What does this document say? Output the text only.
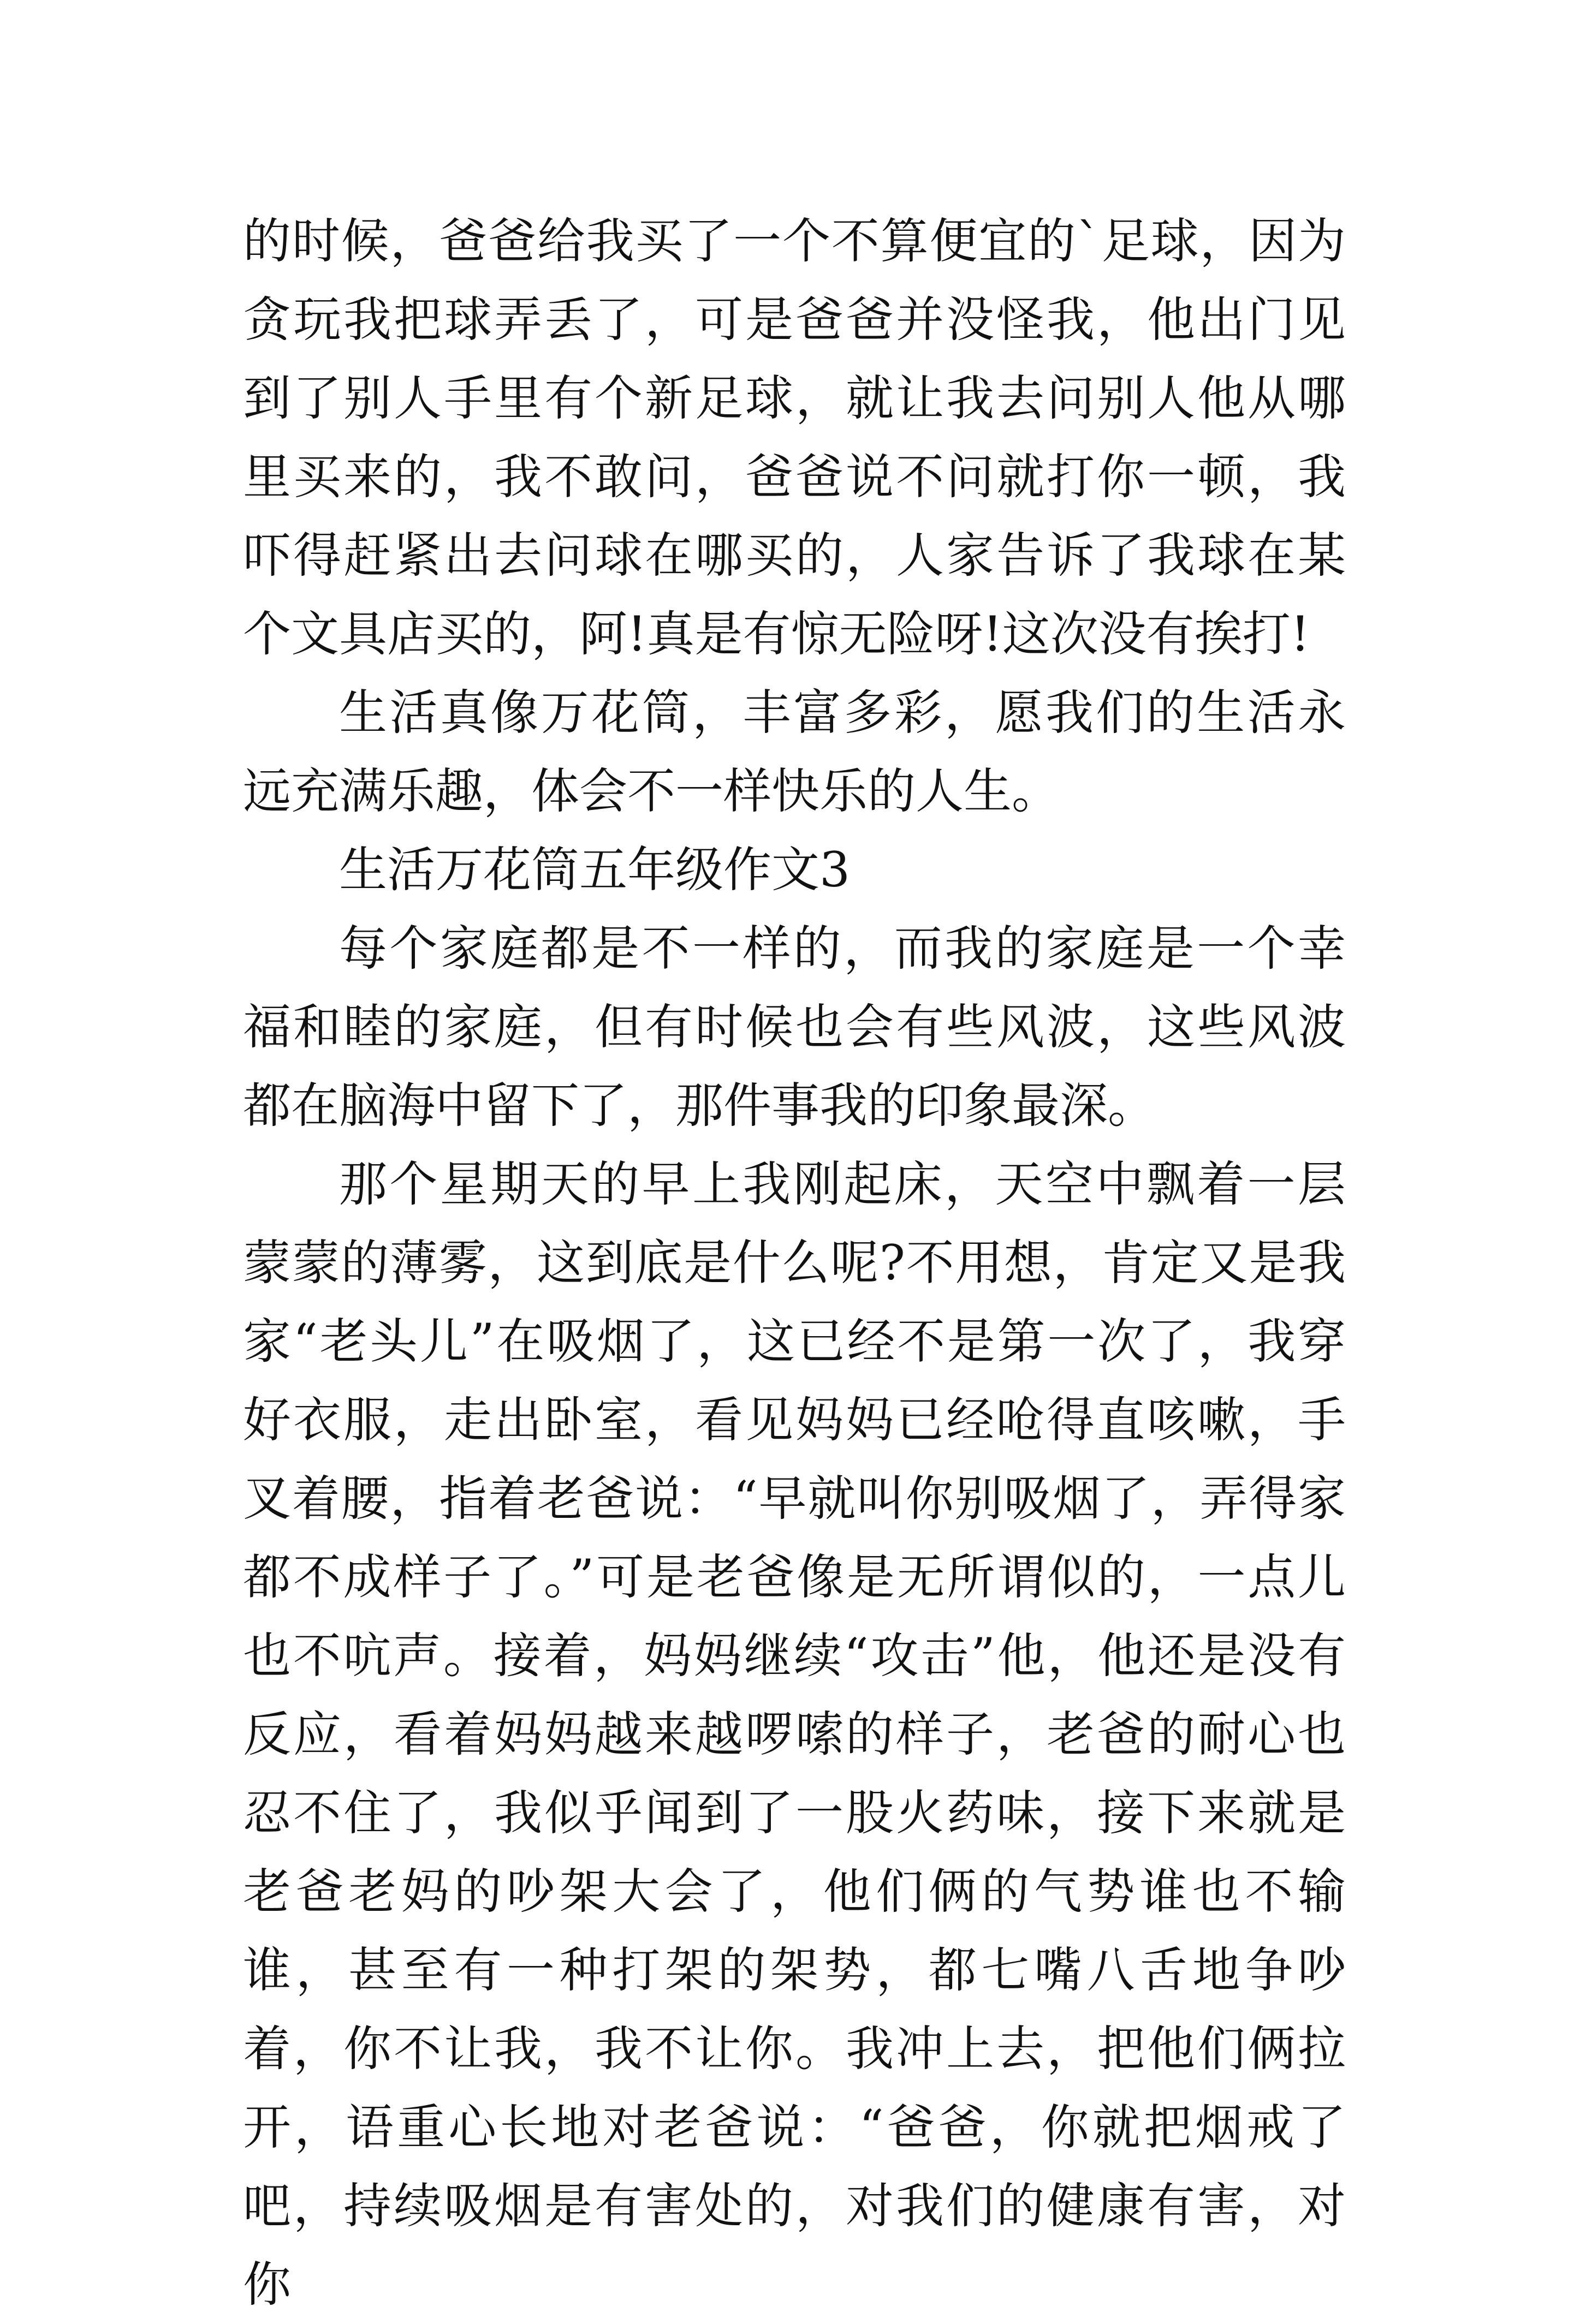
的时候，爸爸给我买了一个不算便宜的`足球，因为贪玩我把球弄丢了，可是爸爸并没怪我，他出门见到了别人手里有个新足球，就让我去问别人他从哪里买来的，我不敢问，爸爸说不问就打你一顿，我吓得赶紧出去问球在哪买的，人家告诉了我球在某个文具店买的，阿!真是有惊无险呀!这次没有挨打!

生活真像万花筒，丰富多彩，愿我们的生活永远充满乐趣，体会不一样快乐的人生。

生活万花筒五年级作文3

每个家庭都是不一样的，而我的家庭是一个幸福和睦的家庭，但有时候也会有些风波，这些风波都在脑海中留下了，那件事我的印象最深。

那个星期天的早上我刚起床，天空中飘着一层蒙蒙的薄雾，这到底是什么呢?不用想，肯定又是我家“老头儿”在吸烟了，这已经不是第一次了，我穿好衣服，走出卧室，看见妈妈已经呛得直咳嗽，手叉着腰，指着老爸说：“早就叫你别吸烟了，弄得家都不成样子了。”可是老爸像是无所谓似的，一点儿也不吭声。接着，妈妈继续“攻击”他，他还是没有反应，看着妈妈越来越啰嗦的样子，老爸的耐心也忍不住了，我似乎闻到了一股火药味，接下来就是老爸老妈的吵架大会了，他们俩的气势谁也不输谁，甚至有一种打架的架势，都七嘴八舌地争吵着，你不让我，我不让你。我冲上去，把他们俩拉开，语重心长地对老爸说：“爸爸，你就把烟戒了吧，持续吸烟是有害处的，对我们的健康有害，对你
